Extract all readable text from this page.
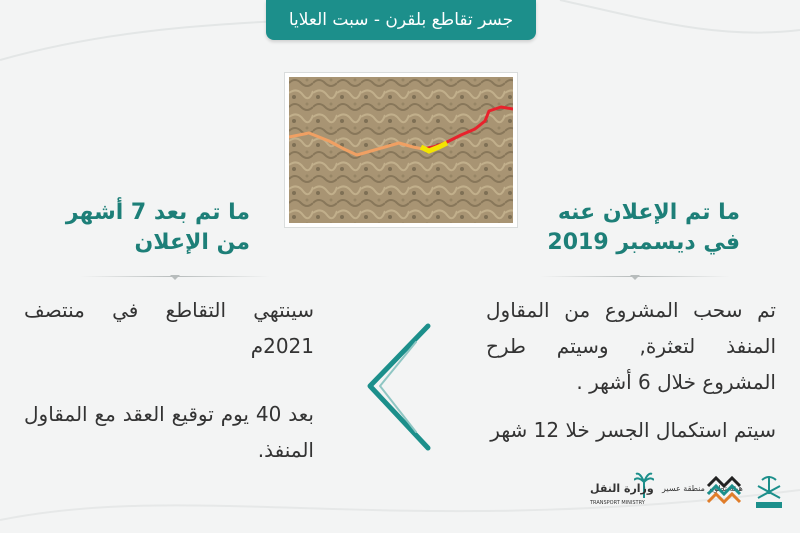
جسر تقاطع بلقرن - سبت العلايا
ما تم الإعلان عنه
في ديسمبر 2019
ما تم بعد 7 أشهر
من الإعلان

سينتهي التقاطع في منتصف 2021م

بعد 40 يوم توقيع العقد مع المقاول المنفذ.

تم سحب المشروع من المقاول المنفذ لتعثرة, وسيتم طرح المشروع خلال 6 أشهر .

سيتم استكمال الجسر خلا 12 شهر

وزارة النقل
TRANSPORT MINISTRY
هيئة تطوير منطقة عسير
